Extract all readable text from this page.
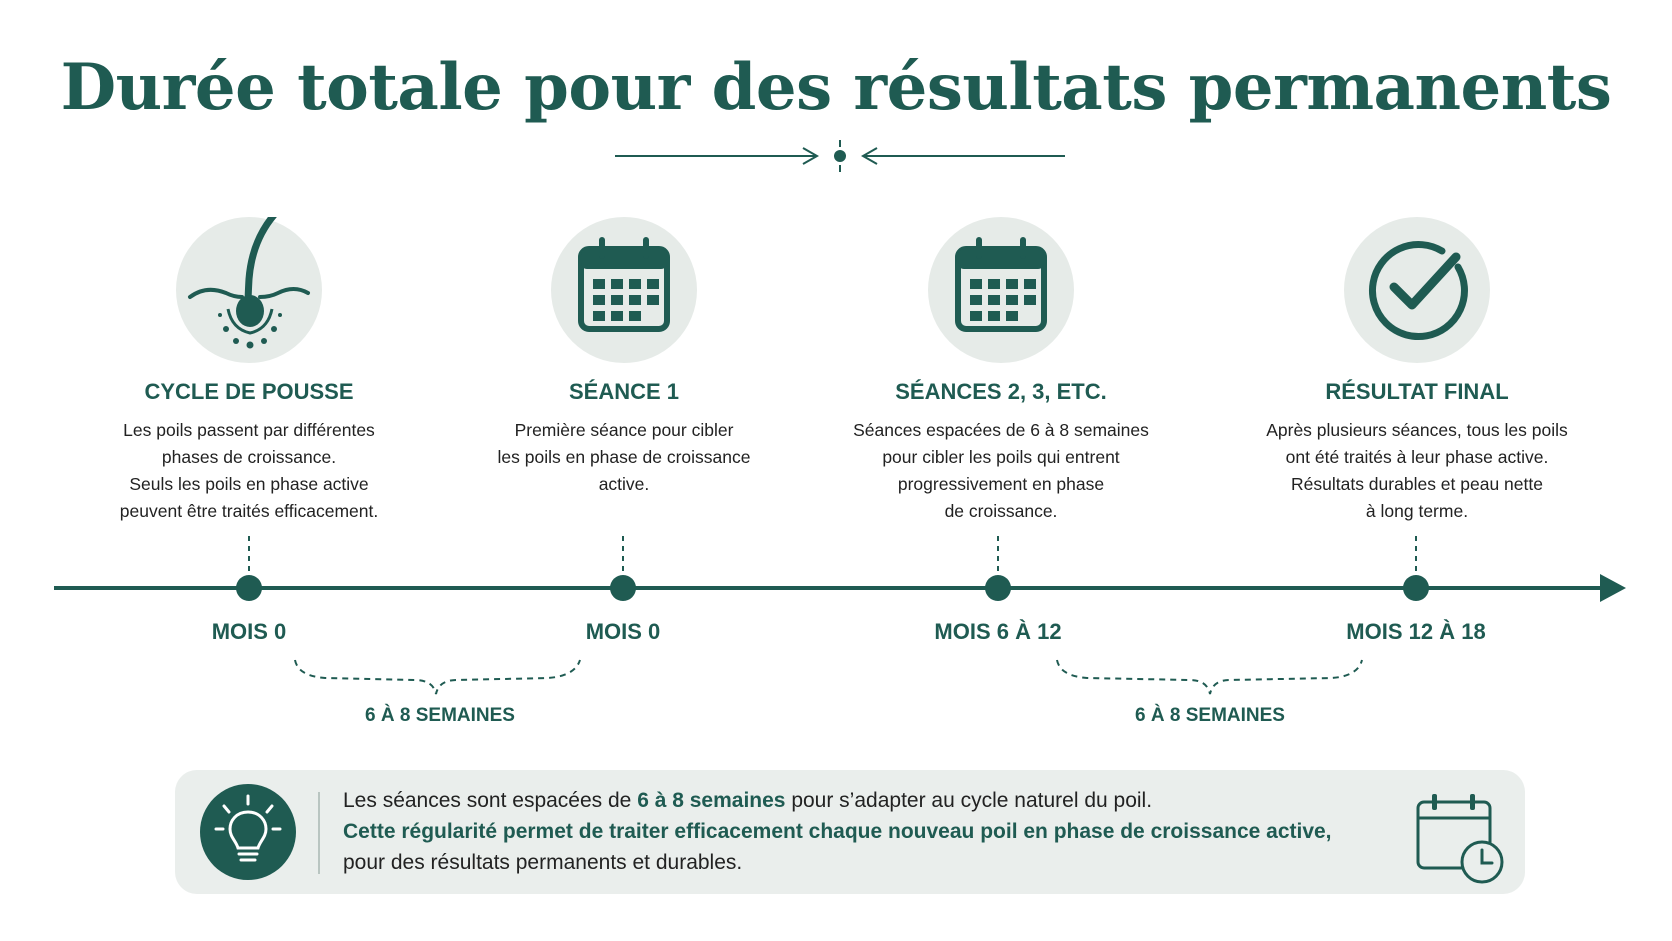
Durée totale pour des résultats permanents
CYCLE DE POUSSE
Les poils passent par différentes
phases de croissance.
Seuls les poils en phase active
peuvent être traités efficacement.
SÉANCE 1
Première séance pour cibler
les poils en phase de croissance
active.
SÉANCES 2, 3, ETC.
Séances espacées de 6 à 8 semaines
pour cibler les poils qui entrent
progressivement en phase
de croissance.
RÉSULTAT FINAL
Après plusieurs séances, tous les poils
ont été traités à leur phase active.
Résultats durables et peau nette
à long terme.
MOIS 0	MOIS 0	MOIS 6 À 12	MOIS 12 À 18
6 À 8 SEMAINES	6 À 8 SEMAINES
Les séances sont espacées de 6 à 8 semaines pour s’adapter au cycle naturel du poil.
Cette régularité permet de traiter efficacement chaque nouveau poil en phase de croissance active,
pour des résultats permanents et durables.
